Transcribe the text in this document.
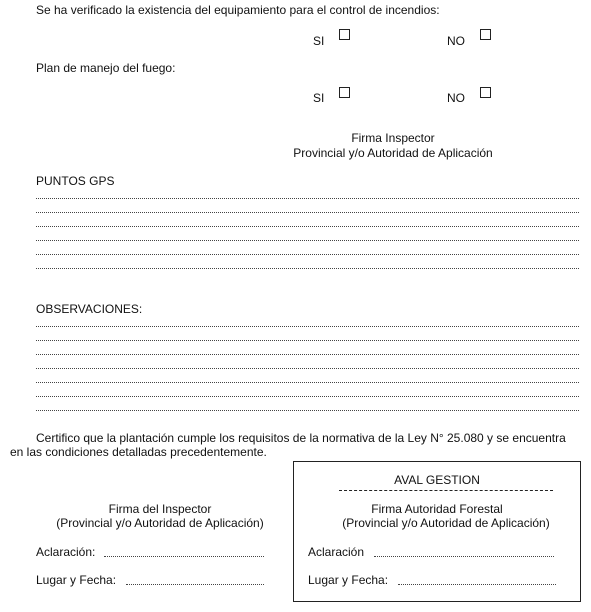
Se ha verificado la existencia del equipamiento para el control de incendios:
SI	NO
Plan de manejo del fuego:
SI	NO
Firma Inspector
Provincial y/o Autoridad de Aplicación
PUNTOS GPS
OBSERVACIONES:
Certifico que la plantación cumple los requisitos de la normativa de la Ley N° 25.080 y se encuentra
en las condiciones detalladas precedentemente.
Firma del Inspector
(Provincial y/o Autoridad de Aplicación)
Aclaración:
Lugar y Fecha:
AVAL GESTION
Firma Autoridad Forestal
(Provincial y/o Autoridad de Aplicación)
Aclaración
Lugar y Fecha:
